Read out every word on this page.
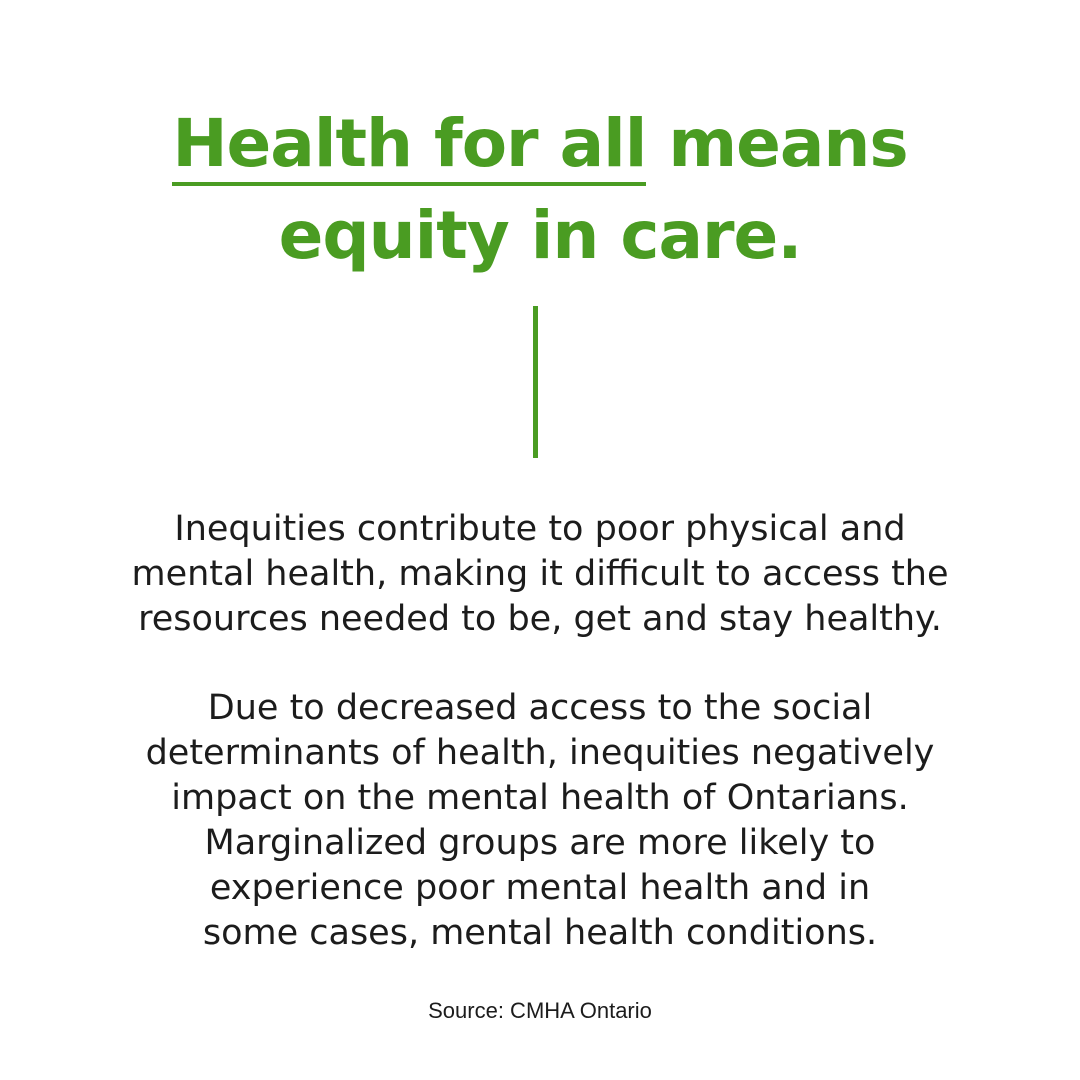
Health for all means
equity in care.

Inequities contribute to poor physical and
mental health, making it difficult to access the
resources needed to be, get and stay healthy.

Due to decreased access to the social
determinants of health, inequities negatively
impact on the mental health of Ontarians.
Marginalized groups are more likely to
experience poor mental health and in
some cases, mental health conditions.

Source: CMHA Ontario
